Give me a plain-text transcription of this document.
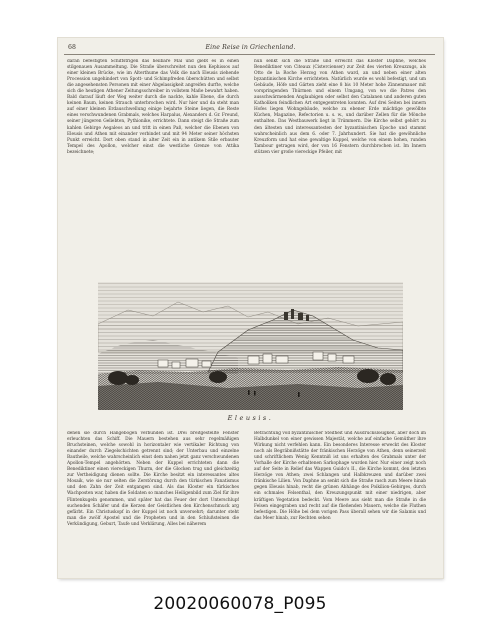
68	Eine Reise in Griechenland.
daran befestigten Schiffstrigen das heilbare Mal und giebt es in einen stilgenauen Ausammeltung. Die Straße überschreitet nun den Kephissos auf einer kleinen Brücke, wie im Alterthume das Volk die nach Eleusis ziehende Procession ungehindert von Spott- und Schimpfreden überschütten und selbst die angesehensten Personen mit einer Abgelassigkeit angreifen durfte, welche sich die heutigen Athener Zeitungsschreiber in vollstem Maße bewahrt haben. Bald darauf läuft der Weg weiter durch die nackte, kahle Ebene, die durch keinen Baum, keinen Strauch unterbrochen wird. Nur hier und da steht man auf einer kleinen Erdauschwellung einige bejahrte Steine liegen, die Reste eines verschwundenen Grabmals, welches Harpalus, Alexanders d. Gr. Freund, seiner jüngeren Geliebten, Pythionike, errichtete. Dann steigt die Straße zum kahlen Gebirge Aegaleos an und tritt in einen Paß, welcher die Ebenen von Eleusis und Athen mit einander verbindet und mit 94 Meter seiner höchsten Punkt erreicht. Dort oben stand in alter Zeit ein in antikem Stile erbauter Tempel des Apollon, welcher einst die westliche Grenze von Attika bezeichnete;
nun senkt sich die Straße und erreicht das Kloster Daphne, welches Benediktiner von Citeaux (Cistercienser) zur Zeit des vierten Kreuzzugs, als Otto de la Roche Herzog von Athen ward, an und neben einer alten byzantinischen Kirche errichteten. Natürlich wurde es wohl befestigt, und um Gebäude, Höfe und Gärten zieht eine 8 bis 10 Meter hohe Zinnenmauer mit vorspringenden Thürmen und einem Umgang, von wo die Patres den ausschwärmenden Anglaubigen oder selbst den Catalanen und anderen guten Katholiken feindlichen Art entgegentreten konnten. Auf drei Seiten bei innern Hofes liegen Wohngebäude, welche zu ebener Erde mächtige gewölbte Küchen, Magazine, Refectorien u. s. w., und darüber Zellen für die Mönche enthalten. Das Westbauwerk liegt in Trümmern. Die Kirche selbst gehört zu den ältesten und interessantesten der byzantinischen Epoche und stammt wahrscheinlich aus dem 6. oder 7. Jahrhundert. Sie hat die gewöhnliche Kreuzform und hat eine gewaltige Kuppel, welche von einem hohen, runden Tambour getragen wird, der von 16 Fenstern durchbrochen ist. Im Innern stützen vier große viereckige Pfeiler, mit
Eleusis.
denen sie durch Hängebogen verbunden ist. Drei breitgestellte Fenster erleuchten das Schiff. Die Mauern bestehen aus sehr regelmäßigen Bruchsteinen, welche sowohl in horizontaler wie vertikaler Richtung von einander durch Ziegelschichten getrennt sind; der Unterbau und einzelne Bautheile, welche wahrscheinlich einst dem nahen jetzt ganz verschwundenen Apollon-Tempel angehörten. Neben der Kuppel errichteten dann die Benediktiner einen viereckigen Thurm, der die Glocken trug und gleichzeitig zur Vertheidigung dienen sollte. Die Kirche besitzt ein interessantes altes Mosaik, wie sie nur selten die Zerstörung durch den türkischen Fanatismus und den Zahn der Zeit entgangen sind. Als das Kloster ein türkisches Wachposten war, haben die Soldaten so manches Heiligenbild zum Ziel für ihre Flintenkugeln genommen, und später hat das Feuer der dort Unterschlupf suchenden Schäfer und die Kerzen der Geistlichen den Kirchenschmuck arg gefärbt. Ein Christuskopf in der Kuppel ist noch unversehrt; darunter steht man die zwölf Apostel und die Propheten und in den Schlußsteinen die Verkündigung, Geburt, Taufe und Verklärung, Alles bei näherem
Betrachtung voll byzantinischer Steifheit und Ausdruckslosigkeit, aber doch im Halbdunkel von einer gewissen Majestät, welche auf einfache Gemüther ihre Wirkung nicht verfehlen kann. Ein besonderes Interesse erweckt des Kloster noch als Begräbnißstätte der fränkischen Herzöge von Athen, denn seinerzeit und schriftlichem Wenig Kenntniß ist uns erhalten des Grabmals unter der Vorhalle der Kirche erhaltenen Sarkophage wurden hier. Nur einer zeigt noch auf der Seite in Relief das Wappen Guido's II., die Kirche kommt, den letzten Herzöge von Athen; zwei Schlangen und Halbkreuzen und darüber zwei fränkische Lilien. Von Daphne an senkt sich die Straße rasch zum Meere hinab gegen Eleusis hinab, recht die grünen Abhänge des Poikilion-Gebirges, durch ein schmales Felsenthal, den Kreuzungspunkt mit einer niedrigen, aber kräftigen Vegetation bedeckt. Vom Meere aus sieht man die Straße in die Felsen eingegraben und recht auf die fließenden Mauern, welche die Fluthen befestigen. Die Höhe bei dem vorigen Pass überall sehen wir die Salamis und das Meer hinab, zur Rechten sehen
20020060078_P095
